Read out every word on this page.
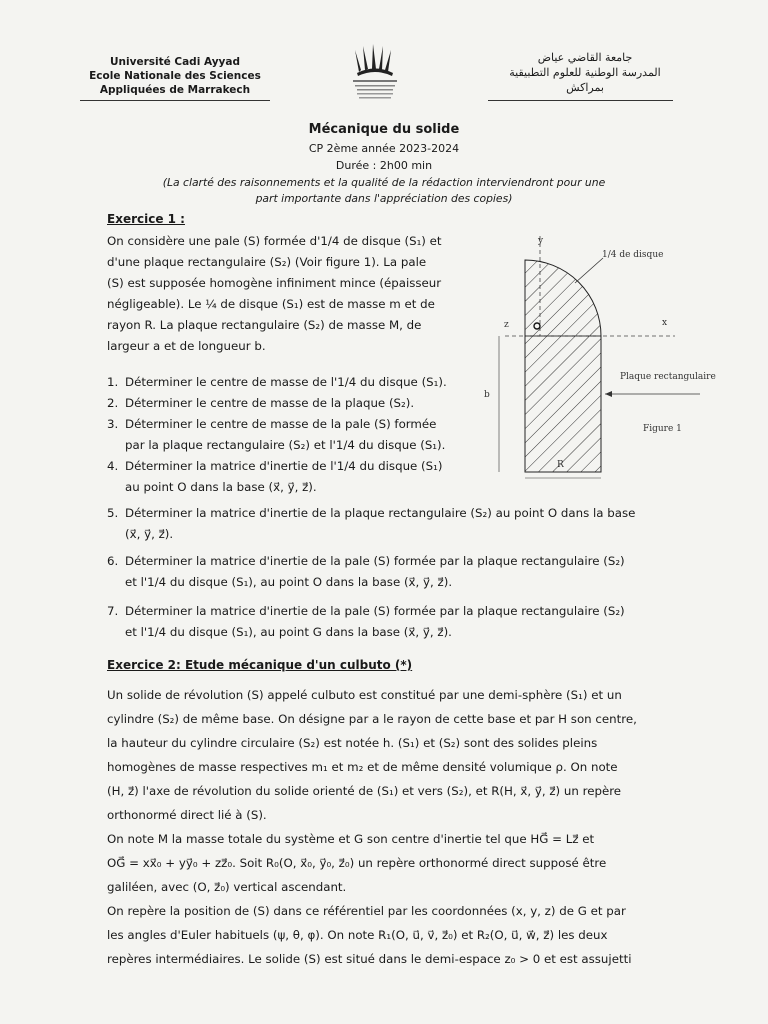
Université Cadi Ayyad
Ecole Nationale des Sciences
Appliquées de Marrakech
جامعة القاضي عياض
المدرسة الوطنية للعلوم التطبيقية
بمراكش
Mécanique du solide
CP 2ème année 2023-2024
Durée : 2h00 min
(La clarté des raisonnements et la qualité de la rédaction interviendront pour une part importante dans l'appréciation des copies)
Exercice 1 :
On considère une pale (S) formée d'1/4 de disque (S₁) et
d'une plaque rectangulaire (S₂) (Voir figure 1). La pale
(S) est supposée homogène infiniment mince (épaisseur
négligeable). Le ¼ de disque (S₁) est de masse m et de
rayon R. La plaque rectangulaire (S₂) de masse M, de
largeur a et de longueur b.
1. Déterminer le centre de masse de l'1/4 du disque (S₁).
2. Déterminer le centre de masse de la plaque (S₂).
3. Déterminer le centre de masse de la pale (S) formée
par la plaque rectangulaire (S₂) et l'1/4 du disque (S₁).
4. Déterminer la matrice d'inertie de l'1/4 du disque (S₁)
au point O dans la base (x⃗, y⃗, z⃗).
5. Déterminer la matrice d'inertie de la plaque rectangulaire (S₂) au point O dans la base
(x⃗, y⃗, z⃗).
6. Déterminer la matrice d'inertie de la pale (S) formée par la plaque rectangulaire (S₂)
et l'1/4 du disque (S₁), au point O dans la base (x⃗, y⃗, z⃗).
7. Déterminer la matrice d'inertie de la pale (S) formée par la plaque rectangulaire (S₂)
et l'1/4 du disque (S₁), au point G dans la base (x⃗, y⃗, z⃗).
y
x
z
1/4 de disque
Plaque rectangulaire
b
R
Figure 1
Exercice 2: Etude mécanique d'un culbuto (*)
Un solide de révolution (S) appelé culbuto est constitué par une demi-sphère (S₁) et un
cylindre (S₂) de même base. On désigne par a le rayon de cette base et par H son centre,
la hauteur du cylindre circulaire (S₂) est notée h. (S₁) et (S₂) sont des solides pleins
homogènes de masse respectives m₁ et m₂ et de même densité volumique ρ. On note
(H, z⃗) l'axe de révolution du solide orienté de (S₁) et vers (S₂), et R(H, x⃗, y⃗, z⃗) un repère
orthonormé direct lié à (S).
On note M la masse totale du système et G son centre d'inertie tel que HG⃗ = Lz⃗ et
OG⃗ = xx⃗₀ + yy⃗₀ + zz⃗₀. Soit R₀(O, x⃗₀, y⃗₀, z⃗₀) un repère orthonormé direct supposé être
galiléen, avec (O, z⃗₀) vertical ascendant.
On repère la position de (S) dans ce référentiel par les coordonnées (x, y, z) de G et par
les angles d'Euler habituels (ψ, θ, φ). On note R₁(O, u⃗, v⃗, z⃗₀) et R₂(O, u⃗, w⃗, z⃗) les deux
repères intermédiaires. Le solide (S) est situé dans le demi-espace z₀ > 0 et est assujetti
